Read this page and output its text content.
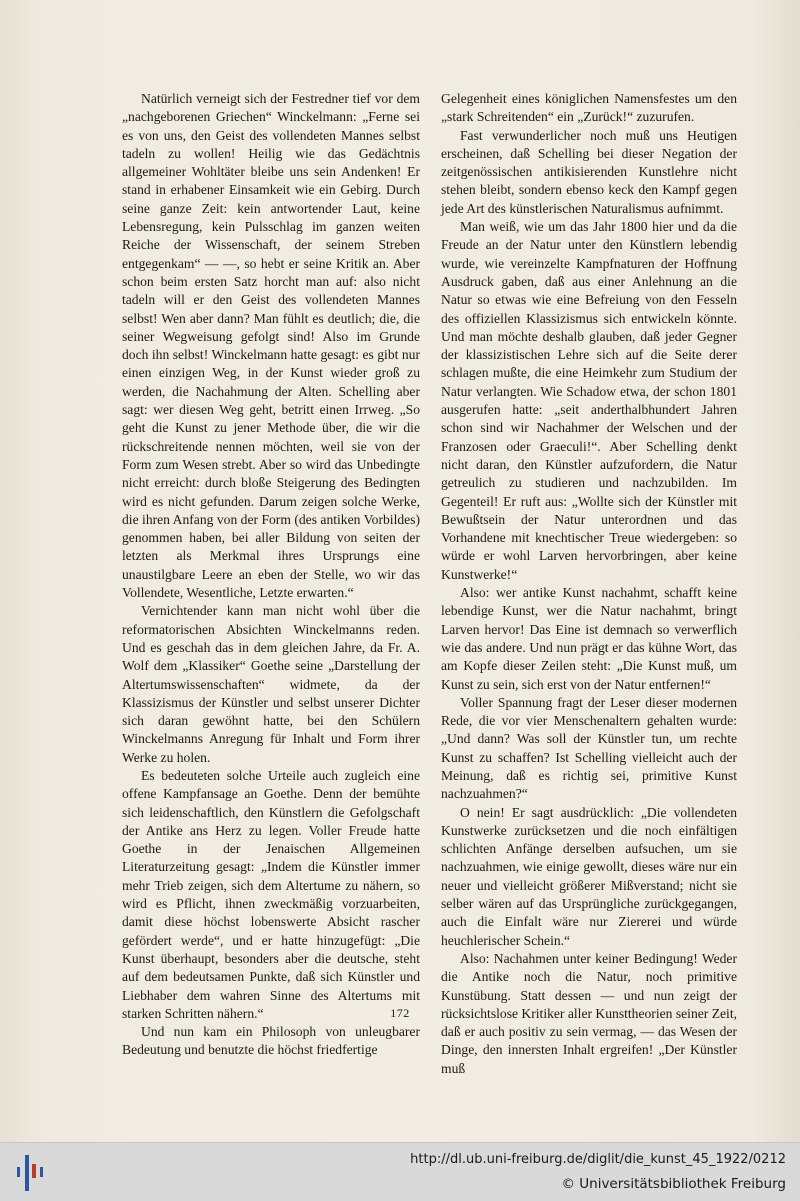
Natürlich verneigt sich der Festredner tief vor dem „nachgeborenen Griechen“ Winckelmann: „Ferne sei es von uns, den Geist des vollendeten Mannes selbst tadeln zu wollen! Heilig wie das Gedächtnis allgemeiner Wohltäter bleibe uns sein Andenken! Er stand in erhabener Einsamkeit wie ein Gebirg. Durch seine ganze Zeit: kein antwortender Laut, keine Lebensregung, kein Pulsschlag im ganzen weiten Reiche der Wissenschaft, der seinem Streben entgegenkam“ — —, so hebt er seine Kritik an. Aber schon beim ersten Satz horcht man auf: also nicht tadeln will er den Geist des vollendeten Mannes selbst! Wen aber dann? Man fühlt es deutlich; die, die seiner Wegweisung gefolgt sind! Also im Grunde doch ihn selbst! Winckelmann hatte gesagt: es gibt nur einen einzigen Weg, in der Kunst wieder groß zu werden, die Nachahmung der Alten. Schelling aber sagt: wer diesen Weg geht, betritt einen Irrweg. „So geht die Kunst zu jener Methode über, die wir die rückschreitende nennen möchten, weil sie von der Form zum Wesen strebt. Aber so wird das Unbedingte nicht erreicht: durch bloße Steigerung des Bedingten wird es nicht gefunden. Darum zeigen solche Werke, die ihren Anfang von der Form (des antiken Vorbildes) genommen haben, bei aller Bildung von seiten der letzten als Merkmal ihres Ursprungs eine unaustilgbare Leere an eben der Stelle, wo wir das Vollendete, Wesentliche, Letzte erwarten.“

Vernichtender kann man nicht wohl über die reformatorischen Absichten Winckelmanns reden. Und es geschah das in dem gleichen Jahre, da Fr. A. Wolf dem „Klassiker“ Goethe seine „Darstellung der Altertumswissenschaften“ widmete, da der Klassizismus der Künstler und selbst unserer Dichter sich daran gewöhnt hatte, bei den Schülern Winckelmanns Anregung für Inhalt und Form ihrer Werke zu holen.

Es bedeuteten solche Urteile auch zugleich eine offene Kampfansage an Goethe. Denn der bemühte sich leidenschaftlich, den Künstlern die Gefolgschaft der Antike ans Herz zu legen. Voller Freude hatte Goethe in der Jenaischen Allgemeinen Literaturzeitung gesagt: „Indem die Künstler immer mehr Trieb zeigen, sich dem Altertume zu nähern, so wird es Pflicht, ihnen zweckmäßig vorzuarbeiten, damit diese höchst lobenswerte Absicht rascher gefördert werde“, und er hatte hinzugefügt: „Die Kunst überhaupt, besonders aber die deutsche, steht auf dem bedeutsamen Punkte, daß sich Künstler und Liebhaber dem wahren Sinne des Altertums mit starken Schritten nähern.“

Und nun kam ein Philosoph von unleugbarer Bedeutung und benutzte die höchst friedfertige

Gelegenheit eines königlichen Namensfestes um den „stark Schreitenden“ ein „Zurück!“ zuzurufen.

Fast verwunderlicher noch muß uns Heutigen erscheinen, daß Schelling bei dieser Negation der zeitgenössischen antikisierenden Kunstlehre nicht stehen bleibt, sondern ebenso keck den Kampf gegen jede Art des künstlerischen Naturalismus aufnimmt.

Man weiß, wie um das Jahr 1800 hier und da die Freude an der Natur unter den Künstlern lebendig wurde, wie vereinzelte Kampfnaturen der Hoffnung Ausdruck gaben, daß aus einer Anlehnung an die Natur so etwas wie eine Befreiung von den Fesseln des offiziellen Klassizismus sich entwickeln könnte. Und man möchte deshalb glauben, daß jeder Gegner der klassizistischen Lehre sich auf die Seite derer schlagen mußte, die eine Heimkehr zum Studium der Natur verlangten. Wie Schadow etwa, der schon 1801 ausgerufen hatte: „seit anderthalbhundert Jahren schon sind wir Nachahmer der Welschen und der Franzosen oder Graeculi!“. Aber Schelling denkt nicht daran, den Künstler aufzufordern, die Natur getreulich zu studieren und nachzubilden. Im Gegenteil! Er ruft aus: „Wollte sich der Künstler mit Bewußtsein der Natur unterordnen und das Vorhandene mit knechtischer Treue wiedergeben: so würde er wohl Larven hervorbringen, aber keine Kunstwerke!“

Also: wer antike Kunst nachahmt, schafft keine lebendige Kunst, wer die Natur nachahmt, bringt Larven hervor! Das Eine ist demnach so verwerflich wie das andere. Und nun prägt er das kühne Wort, das am Kopfe dieser Zeilen steht: „Die Kunst muß, um Kunst zu sein, sich erst von der Natur entfernen!“

Voller Spannung fragt der Leser dieser modernen Rede, die vor vier Menschenaltern gehalten wurde: „Und dann? Was soll der Künstler tun, um rechte Kunst zu schaffen? Ist Schelling vielleicht auch der Meinung, daß es richtig sei, primitive Kunst nachzuahmen?“

O nein! Er sagt ausdrücklich: „Die vollendeten Kunstwerke zurücksetzen und die noch einfältigen schlichten Anfänge derselben aufsuchen, um sie nachzuahmen, wie einige gewollt, dieses wäre nur ein neuer und vielleicht größerer Mißverstand; nicht sie selber wären auf das Ursprüngliche zurückgegangen, auch die Einfalt wäre nur Ziererei und würde heuchlerischer Schein.“

Also: Nachahmen unter keiner Bedingung! Weder die Antike noch die Natur, noch primitive Kunstübung. Statt dessen — und nun zeigt der rücksichtslose Kritiker aller Kunsttheorien seiner Zeit, daß er auch positiv zu sein vermag, — das Wesen der Dinge, den innersten Inhalt ergreifen! „Der Künstler muß

172
http://dl.ub.uni-freiburg.de/diglit/die_kunst_45_1922/0212
© Universitätsbibliothek Freiburg
